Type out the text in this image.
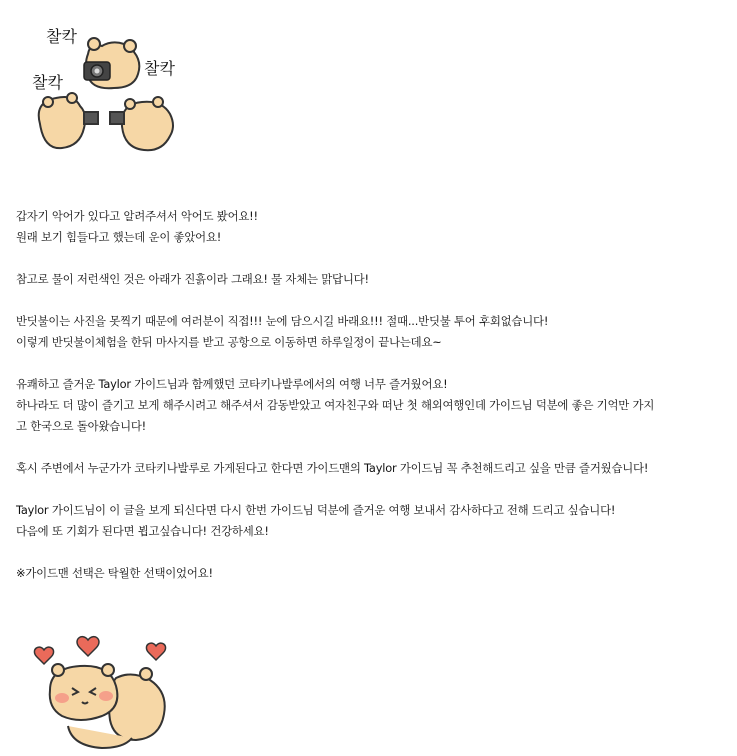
찰칵
찰칵
찰칵

갑자기 악어가 있다고 알려주셔서 악어도 봤어요!!
원래 보기 힘들다고 했는데 운이 좋았어요!

참고로 물이 저런색인 것은 아래가 진흙이라 그래요! 물 자체는 맑답니다!

반딧불이는 사진을 못찍기 때문에 여러분이 직접!!! 눈에 담으시길 바래요!!! 절때...반딧불 투어 후회없습니다!
이렇게 반딧불이체험을 한뒤 마사지를 받고 공항으로 이동하면 하루일정이 끝나는데요~

유쾌하고 즐거운 Taylor 가이드님과 함께했던 코타키나발루에서의 여행 너무 즐거웠어요!
하나라도 더 많이 즐기고 보게 해주시려고 해주셔서 감동받았고 여자친구와 떠난 첫 해외여행인데 가이드님 덕분에 좋은 기억만 가지
고 한국으로 돌아왔습니다!

혹시 주변에서 누군가가 코타키나발루로 가게된다고 한다면 가이드맨의 Taylor 가이드님 꼭 추천해드리고 싶을 만큼 즐거웠습니다!

Taylor 가이드님이 이 글을 보게 되신다면 다시 한번 가이드님 덕분에 즐거운 여행 보내서 감사하다고 전해 드리고 싶습니다!
다음에 또 기회가 된다면 뵙고싶습니다! 건강하세요!

※가이드맨 선택은 탁월한 선택이었어요!
